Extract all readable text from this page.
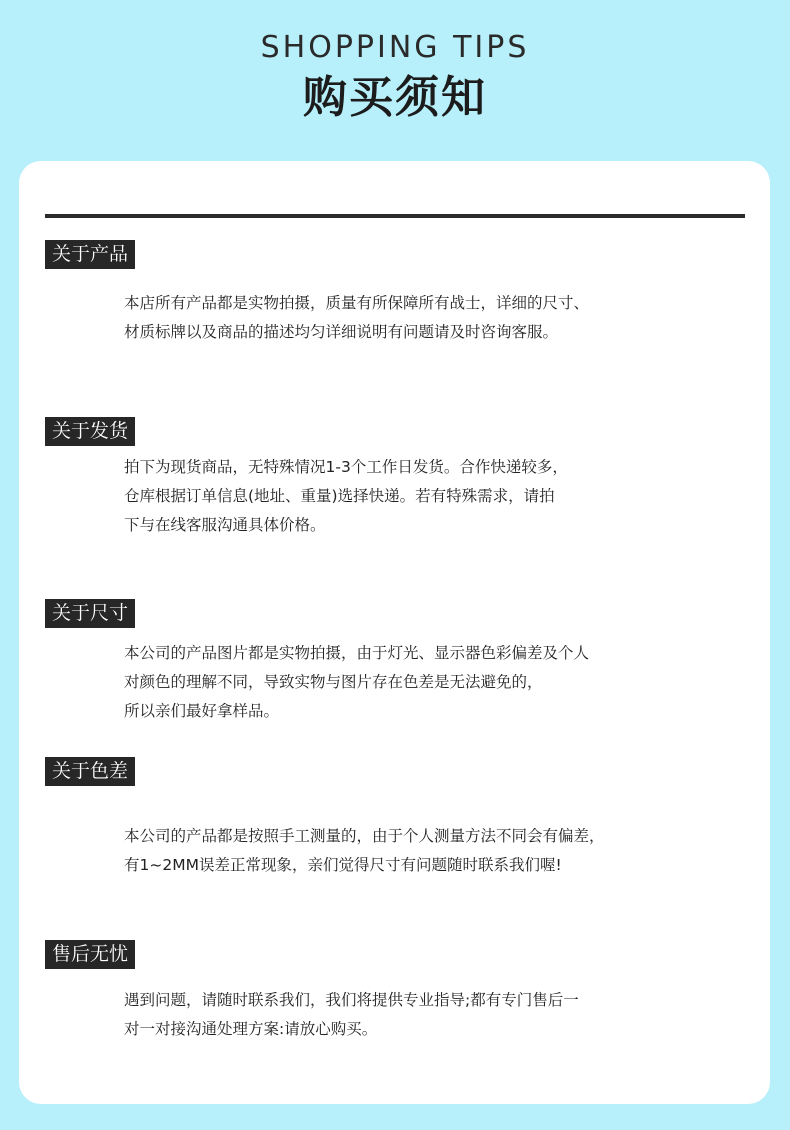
SHOPPING TIPS
购买须知
关于产品
本店所有产品都是实物拍摄，质量有所保障所有战士，详细的尺寸、
材质标牌以及商品的描述均匀详细说明有问题请及时咨询客服。
关于发货
拍下为现货商品，无特殊情况1-3个工作日发货。合作快递较多，
仓库根据订单信息(地址、重量)选择快递。若有特殊需求，请拍
下与在线客服沟通具体价格。
关于尺寸
本公司的产品图片都是实物拍摄，由于灯光、显示器色彩偏差及个人
对颜色的理解不同，导致实物与图片存在色差是无法避免的，
所以亲们最好拿样品。
关于色差
本公司的产品都是按照手工测量的，由于个人测量方法不同会有偏差，
有1~2MM误差正常现象，亲们觉得尺寸有问题随时联系我们喔!
售后无忧
遇到问题，请随时联系我们，我们将提供专业指导;都有专门售后一
对一对接沟通处理方案:请放心购买。
